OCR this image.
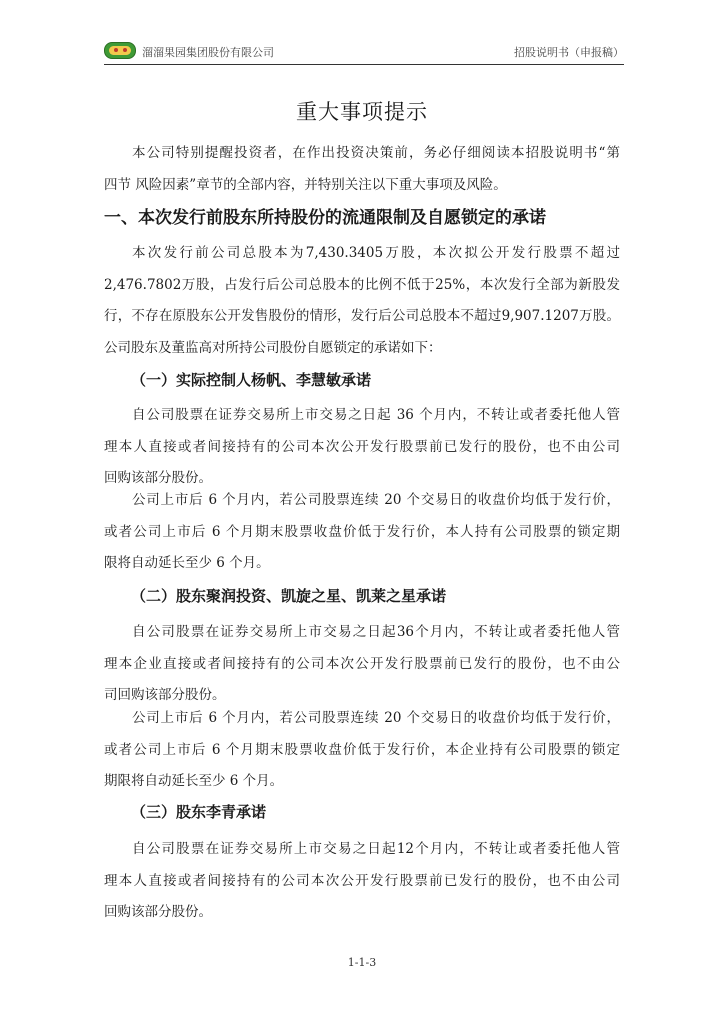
溜溜果园集团股份有限公司	招股说明书（申报稿）
重大事项提示

本公司特别提醒投资者，在作出投资决策前，务必仔细阅读本招股说明书“第
四节 风险因素”章节的全部内容，并特别关注以下重大事项及风险。

一、本次发行前股东所持股份的流通限制及自愿锁定的承诺

本次发行前公司总股本为7,430.3405万股，本次拟公开发行股票不超过
2,476.7802万股，占发行后公司总股本的比例不低于25%，本次发行全部为新股发
行，不存在原股东公开发售股份的情形，发行后公司总股本不超过9,907.1207万股。
公司股东及董监高对所持公司股份自愿锁定的承诺如下：

（一）实际控制人杨帆、李慧敏承诺

自公司股票在证券交易所上市交易之日起 36 个月内，不转让或者委托他人管
理本人直接或者间接持有的公司本次公开发行股票前已发行的股份，也不由公司
回购该部分股份。

公司上市后 6 个月内，若公司股票连续 20 个交易日的收盘价均低于发行价，
或者公司上市后 6 个月期末股票收盘价低于发行价，本人持有公司股票的锁定期
限将自动延长至少 6 个月。

（二）股东聚润投资、凯旋之星、凯莱之星承诺

自公司股票在证券交易所上市交易之日起36个月内，不转让或者委托他人管
理本企业直接或者间接持有的公司本次公开发行股票前已发行的股份，也不由公
司回购该部分股份。

公司上市后 6 个月内，若公司股票连续 20 个交易日的收盘价均低于发行价，
或者公司上市后 6 个月期末股票收盘价低于发行价，本企业持有公司股票的锁定
期限将自动延长至少 6 个月。

（三）股东李青承诺

自公司股票在证券交易所上市交易之日起12个月内，不转让或者委托他人管
理本人直接或者间接持有的公司本次公开发行股票前已发行的股份，也不由公司
回购该部分股份。

1-1-3
